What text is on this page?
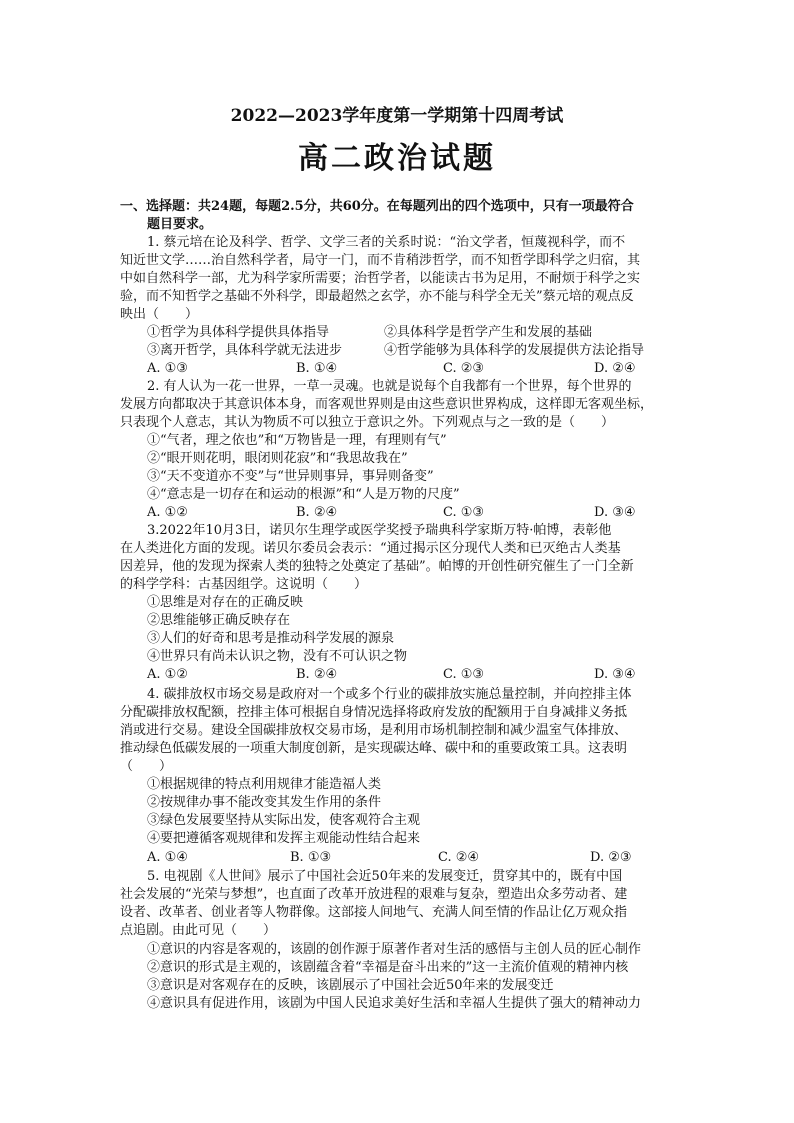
2022—2023学年度第一学期第十四周考试
高二政治试题
一、选择题：共24题，每题2.5分，共60分。在每题列出的四个选项中，只有一项最符合
题目要求。
1. 蔡元培在论及科学、哲学、文学三者的关系时说：“治文学者，恒蔑视科学，而不
知近世文学……治自然科学者，局守一门，而不肯稍涉哲学，而不知哲学即科学之归宿，其
中如自然科学一部，尤为科学家所需要；治哲学者，以能读古书为足用，不耐烦于科学之实
验，而不知哲学之基础不外科学，即最超然之玄学，亦不能与科学全无关”蔡元培的观点反
映出（　　）
①哲学为具体科学提供具体指导	②具体科学是哲学产生和发展的基础
③离开哲学，具体科学就无法进步	④哲学能够为具体科学的发展提供方法论指导
A. ①③	B. ①④	C. ②③	D. ②④
2. 有人认为一花一世界，一草一灵魂。也就是说每个自我都有一个世界，每个世界的
发展方向都取决于其意识体本身，而客观世界则是由这些意识世界构成，这样即无客观坐标，
只表现个人意志，其认为物质不可以独立于意识之外。下列观点与之一致的是（　　）
①“气者，理之依也”和“万物皆是一理，有理则有气”
②“眼开则花明，眼闭则花寂”和“我思故我在”
③“天不变道亦不变”与“世异则事异，事异则备变”
④“意志是一切存在和运动的根源”和“人是万物的尺度”
A. ①②	B. ②④	C. ①③	D. ③④
3.2022年10月3日，诺贝尔生理学或医学奖授予瑞典科学家斯万特·帕博，表彰他
在人类进化方面的发现。诺贝尔委员会表示：“通过揭示区分现代人类和已灭绝古人类基
因差异，他的发现为探索人类的独特之处奠定了基础”。帕博的开创性研究催生了一门全新
的科学学科：古基因组学。这说明（　　）
①思维是对存在的正确反映
②思维能够正确反映存在
③人们的好奇和思考是推动科学发展的源泉
④世界只有尚未认识之物，没有不可认识之物
A. ①②	B. ②④	C. ①③	D. ③④
4. 碳排放权市场交易是政府对一个或多个行业的碳排放实施总量控制，并向控排主体
分配碳排放权配额，控排主体可根据自身情况选择将政府发放的配额用于自身减排义务抵
消或进行交易。建设全国碳排放权交易市场，是利用市场机制控制和减少温室气体排放、
推动绿色低碳发展的一项重大制度创新，是实现碳达峰、碳中和的重要政策工具。这表明
（　　）
①根据规律的特点利用规律才能造福人类
②按规律办事不能改变其发生作用的条件
③绿色发展要坚持从实际出发，使客观符合主观
④要把遵循客观规律和发挥主观能动性结合起来
A. ①④	B. ①③	C. ②④	D. ②③
5. 电视剧《人世间》展示了中国社会近50年来的发展变迁，贯穿其中的，既有中国
社会发展的“光荣与梦想”，也直面了改革开放进程的艰难与复杂，塑造出众多劳动者、建
设者、改革者、创业者等人物群像。这部接人间地气、充满人间至情的作品让亿万观众指
点追剧。由此可见（　　）
①意识的内容是客观的，该剧的创作源于原著作者对生活的感悟与主创人员的匠心制作
②意识的形式是主观的，该剧蕴含着“幸福是奋斗出来的”这一主流价值观的精神内核
③意识是对客观存在的反映，该剧展示了中国社会近50年来的发展变迁
④意识具有促进作用，该剧为中国人民追求美好生活和幸福人生提供了强大的精神动力
